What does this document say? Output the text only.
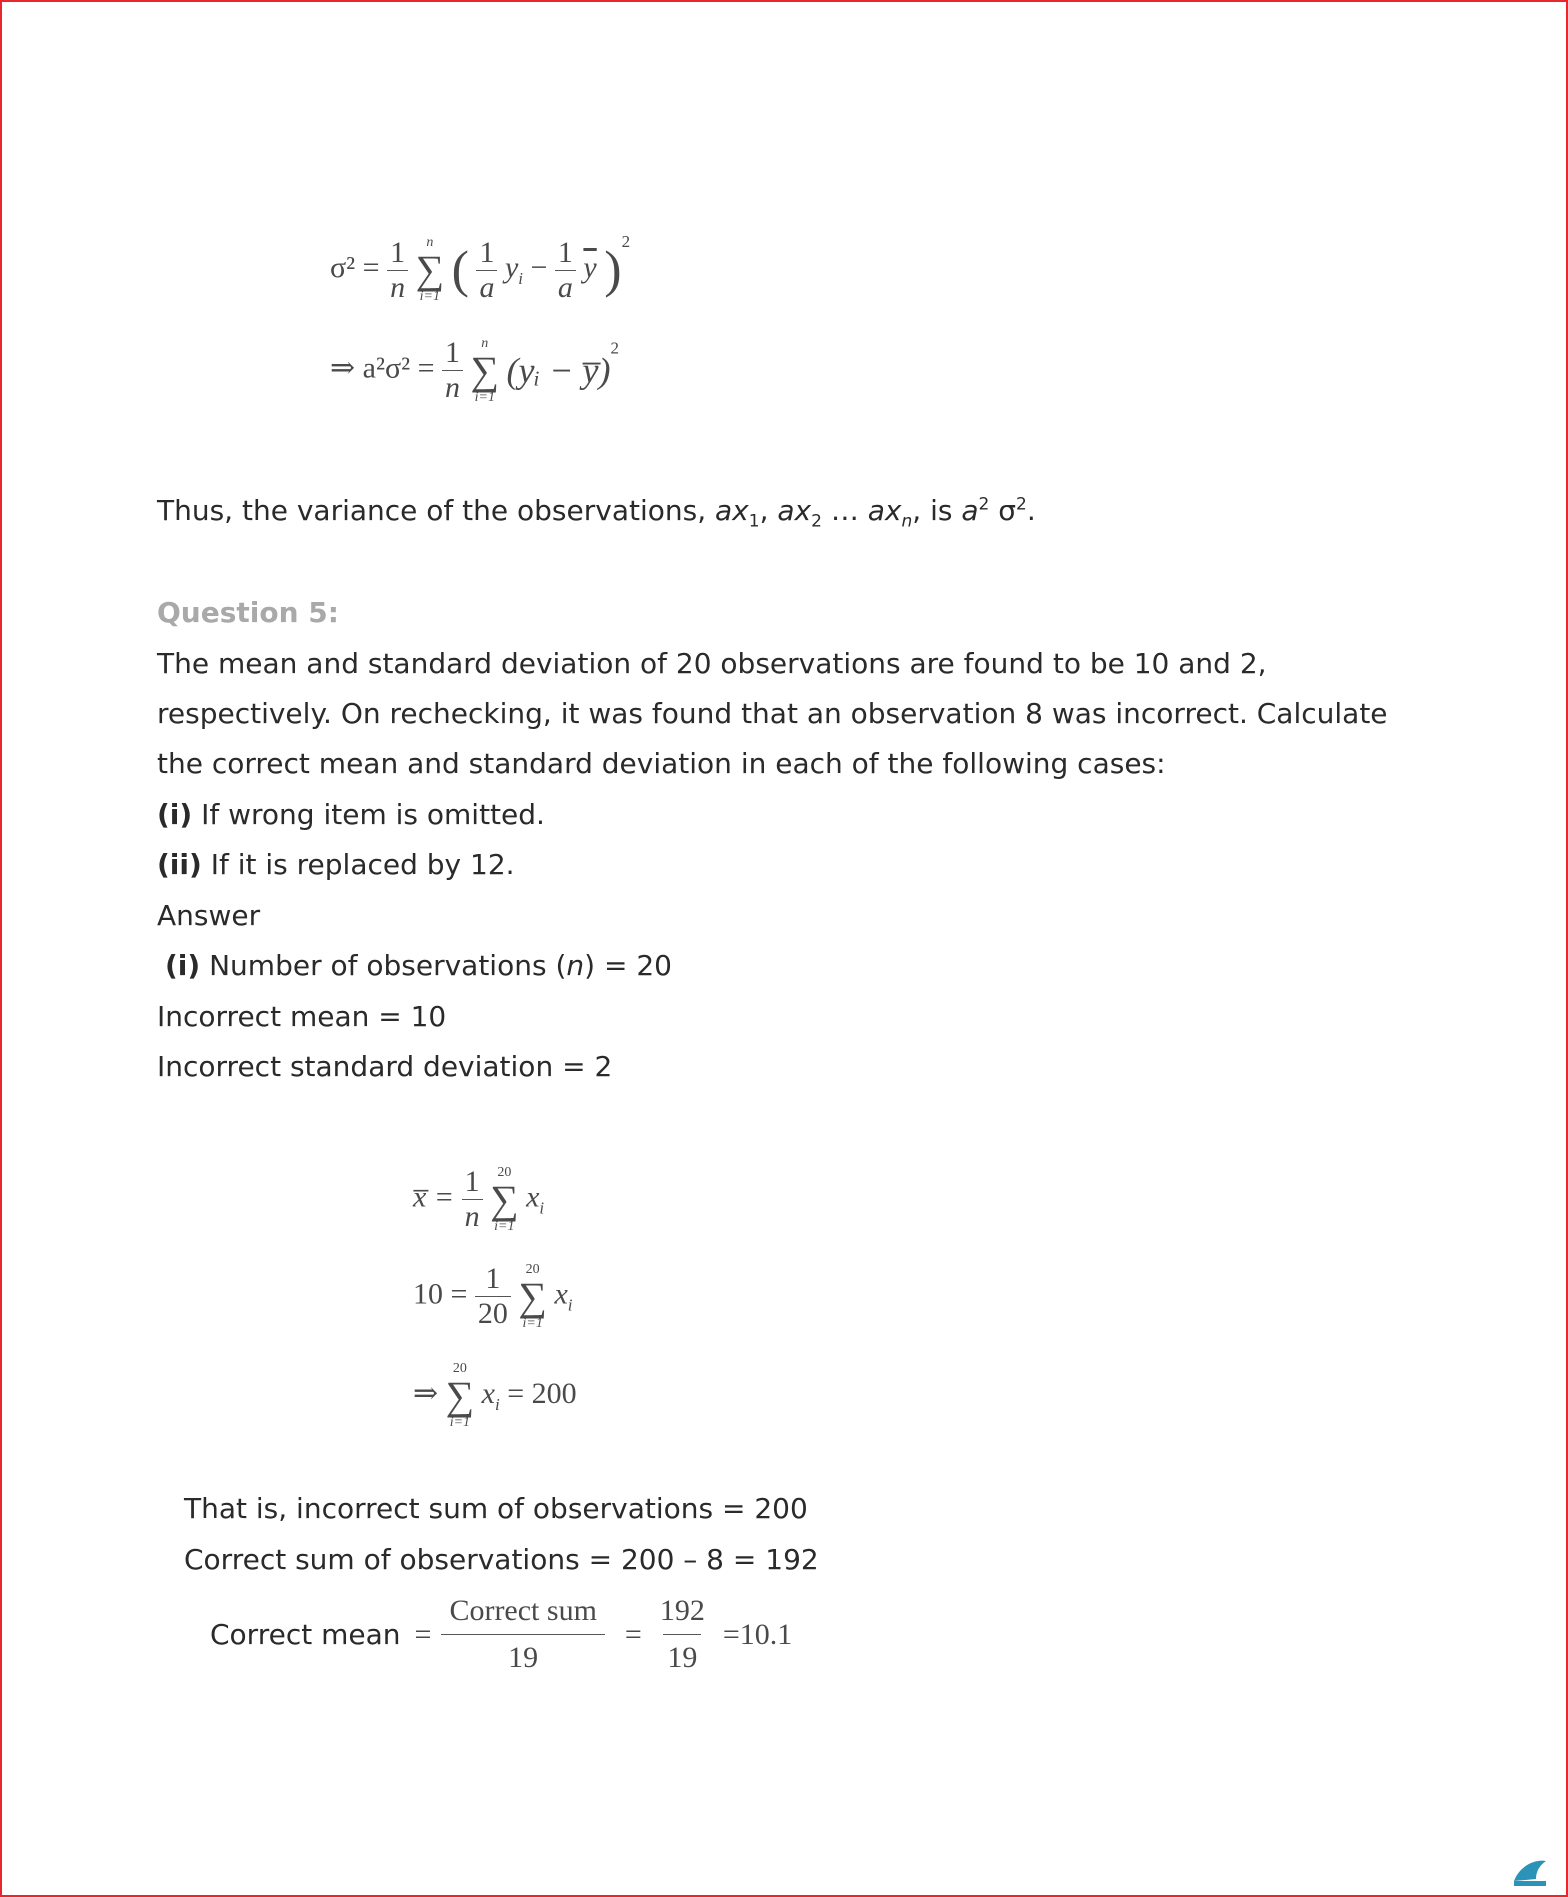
$\sigma^2 = \frac{1}{n}$
n
∑
i=1 ( $\frac{1}{a} y_i - \frac{1}{a} \overline{y}$ )$^2$
⇒ $a^2\sigma^2 = \frac{1}{n}$
n
∑
i=1
(yᵢ − y̅)$^2$
Thus, the variance of the observations, $ax_1$, $ax_2$ … $ax_n$, is $a^2$ $\sigma^2$.
Question 5:
The mean and standard deviation of 20 observations are found to be 10 and 2,
respectively. On rechecking, it was found that an observation 8 was incorrect. Calculate
the correct mean and standard deviation in each of the following cases:
(i) If wrong item is omitted.
(ii) If it is replaced by 12.
Answer
(i) Number of observations (n) = 20
Incorrect mean = 10
Incorrect standard deviation = 2
x̅ = $\frac{1}{n}$
20
∑
i=1
$x_i$
$10 = \frac{1}{20}$
20
∑
i=1
$x_i$
⇒
20
∑
i=1
$x_i = 200$
That is, incorrect sum of observations = 200
Correct sum of observations = 200 – 8 = 192
Correct mean = $\frac{\text{Correct sum}}{19} = \frac{192}{19} =10.1$
